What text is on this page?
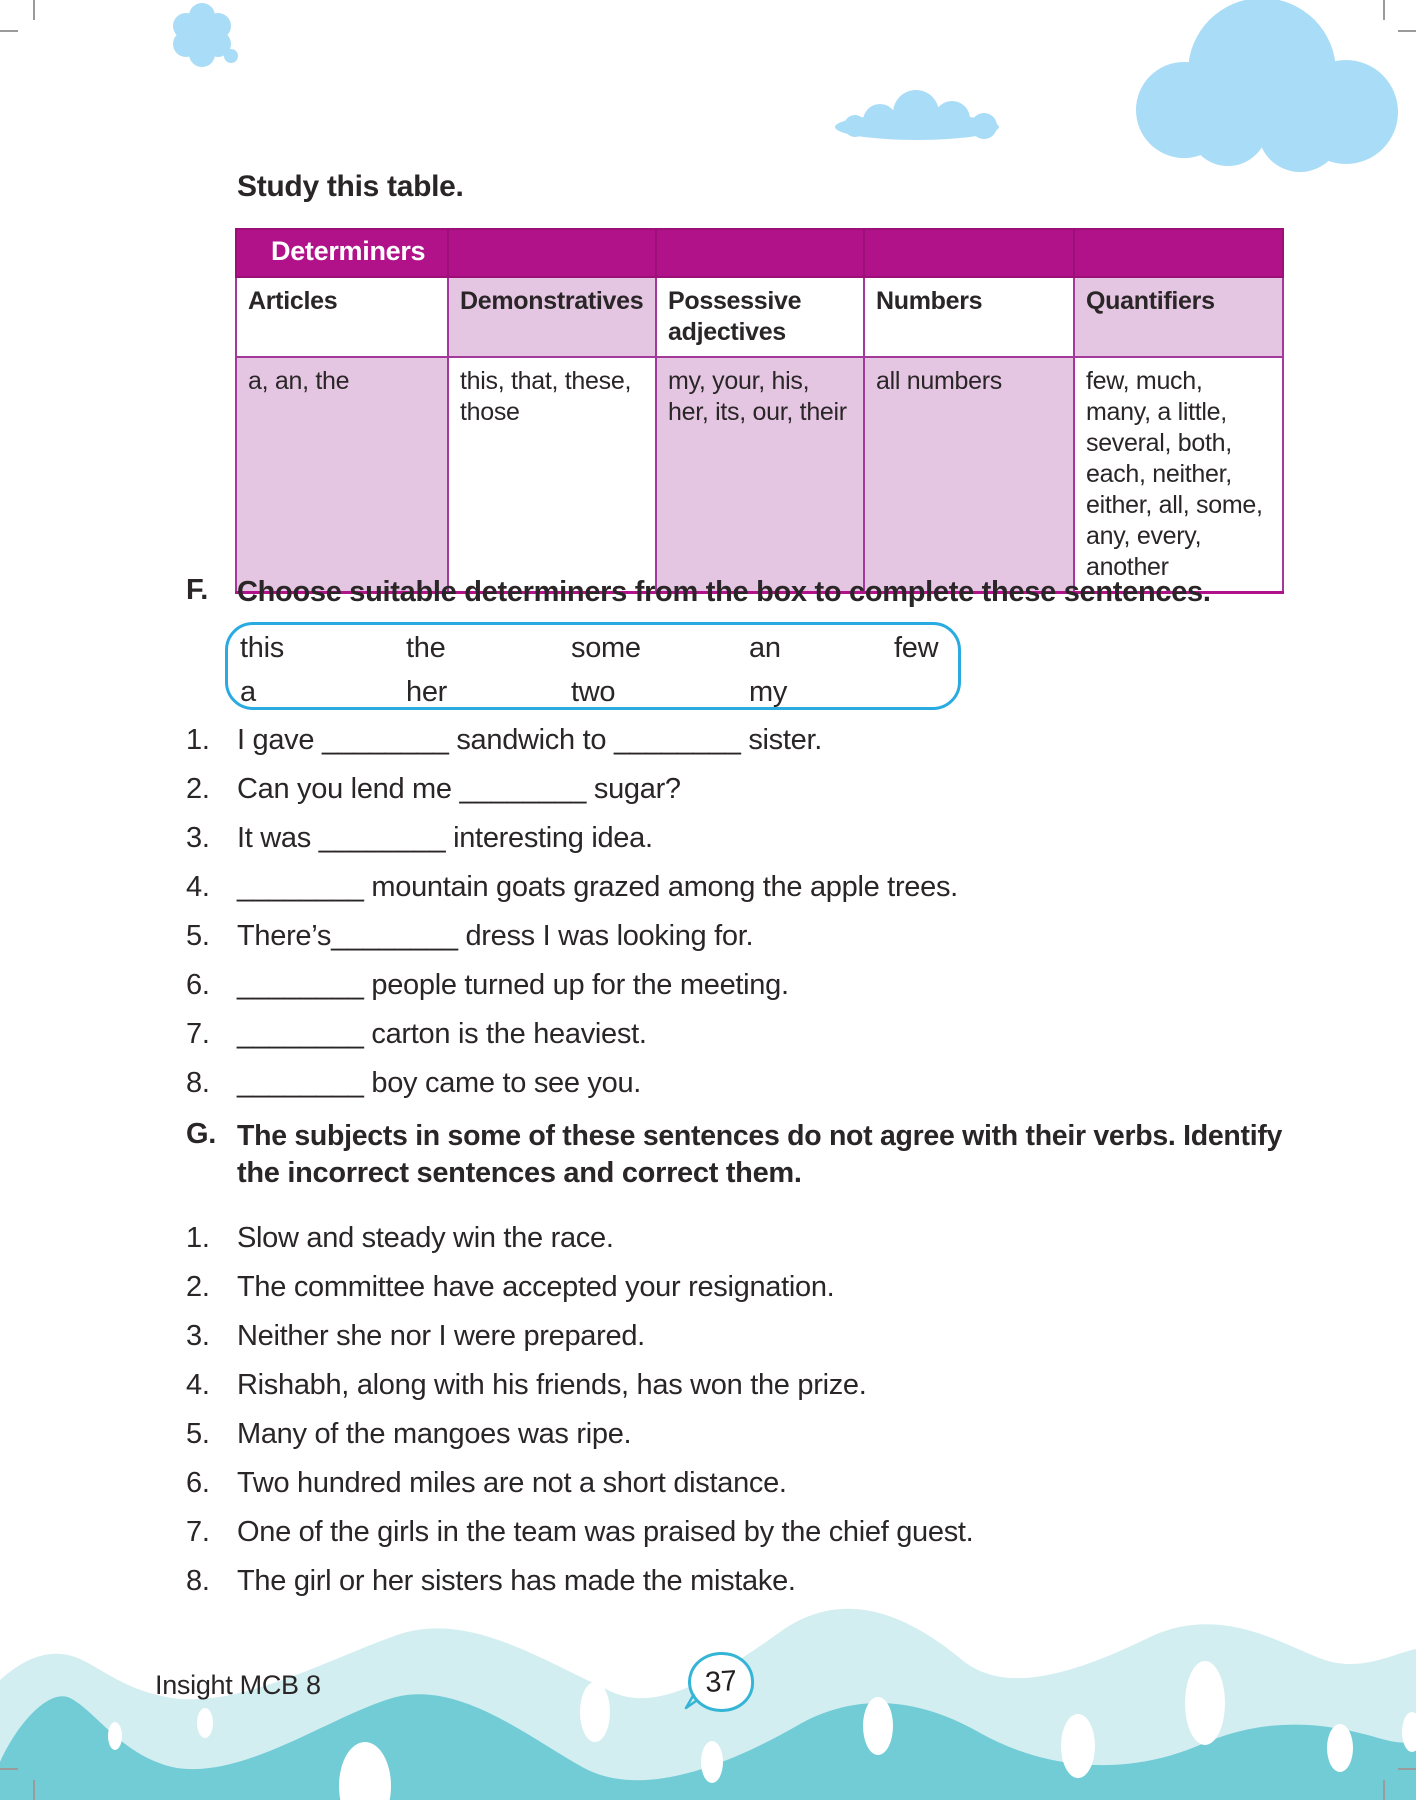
Study this table.
Determiners				
Articles	Demonstratives	Possessive adjectives	Numbers	Quantifiers
a, an, the	this, that, these, those	my, your, his, her, its, our, their	all numbers	few, much, many, a little, several, both, each, neither, either, all, some, any, every, another
F. Choose suitable determiners from the box to complete these sentences.
this	the	some	an	few
a	her	two	my
1. I gave ________ sandwich to ________ sister.
2. Can you lend me ________ sugar?
3. It was ________ interesting idea.
4. ________ mountain goats grazed among the apple trees.
5. There’s________ dress I was looking for.
6. ________ people turned up for the meeting.
7. ________ carton is the heaviest.
8. ________ boy came to see you.
G. The subjects in some of these sentences do not agree with their verbs. Identify
the incorrect sentences and correct them.
1. Slow and steady win the race.
2. The committee have accepted your resignation.
3. Neither she nor I were prepared.
4. Rishabh, along with his friends, has won the prize.
5. Many of the mangoes was ripe.
6. Two hundred miles are not a short distance.
7. One of the girls in the team was praised by the chief guest.
8. The girl or her sisters has made the mistake.
Insight MCB 8	37
